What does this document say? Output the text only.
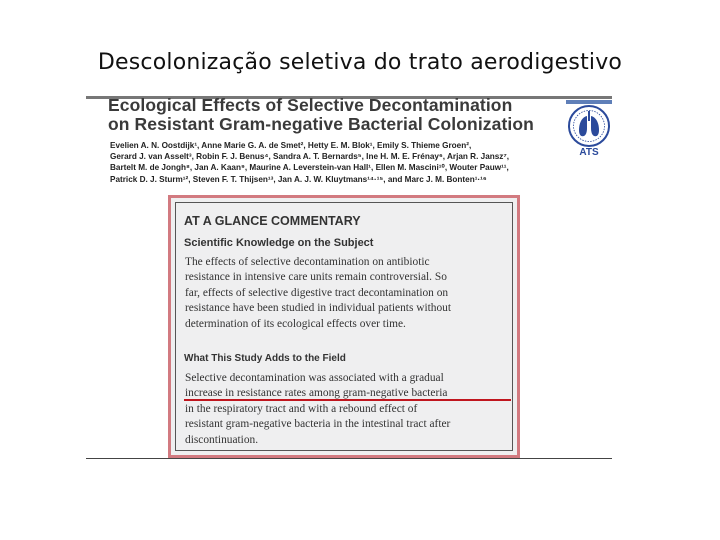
Descolonização seletiva do trato aerodigestivo
Ecological Effects of Selective Decontamination
on Resistant Gram-negative Bacterial Colonization
ATS
Evelien A. N. Oostdijk¹, Anne Marie G. A. de Smet², Hetty E. M. Blok¹, Emily S. Thieme Groen²,
Gerard J. van Asselt³, Robin F. J. Benus⁴, Sandra A. T. Bernards⁵, Ine H. M. E. Frénay⁶, Arjan R. Jansz⁷,
Bartelt M. de Jongh⁸, Jan A. Kaan⁹, Maurine A. Leverstein-van Hall¹, Ellen M. Mascini¹⁰, Wouter Pauw¹¹,
Patrick D. J. Sturm¹², Steven F. T. Thijsen¹³, Jan A. J. W. Kluytmans¹⁴·¹⁵, and Marc J. M. Bonten¹·¹⁶
AT A GLANCE COMMENTARY
Scientific Knowledge on the Subject
The effects of selective decontamination on antibiotic
resistance in intensive care units remain controversial. So
far, effects of selective digestive tract decontamination on
resistance have been studied in individual patients without
determination of its ecological effects over time.
What This Study Adds to the Field
Selective decontamination was associated with a gradual
increase in resistance rates among gram-negative bacteria
in the respiratory tract and with a rebound effect of
resistant gram-negative bacteria in the intestinal tract after
discontinuation.
